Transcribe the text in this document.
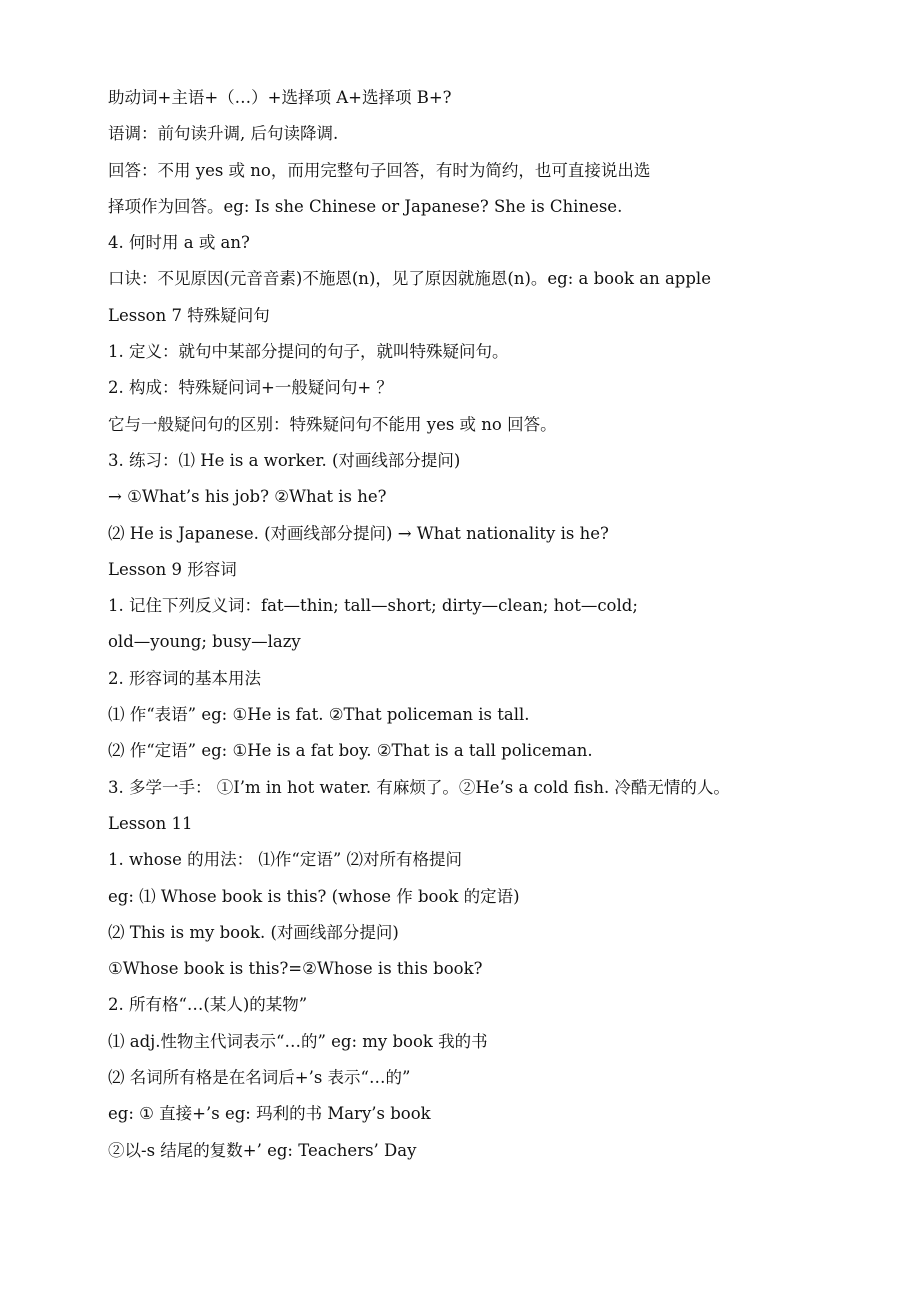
助动词+主语+（…）+选择项 A+选择项 B+?
语调：前句读升调, 后句读降调.
回答：不用 yes 或 no，而用完整句子回答，有时为简约，也可直接说出选
择项作为回答。eg: Is she Chinese or Japanese? She is Chinese.
4. 何时用 a 或 an?
口诀：不见原因(元音音素)不施恩(n)，见了原因就施恩(n)。eg: a book an apple
Lesson 7 特殊疑问句
1. 定义：就句中某部分提问的句子，就叫特殊疑问句。
2. 构成：特殊疑问词+一般疑问句+ ？
它与一般疑问句的区别：特殊疑问句不能用 yes 或 no 回答。
3. 练习：⑴ He is a worker. (对画线部分提问)
→ ①What’s his job? ②What is he?
⑵ He is Japanese. (对画线部分提问) → What nationality is he?
Lesson 9 形容词
1. 记住下列反义词：fat—thin; tall—short; dirty—clean; hot—cold;
old—young; busy—lazy
2. 形容词的基本用法
⑴ 作“表语” eg: ①He is fat. ②That policeman is tall.
⑵ 作“定语” eg: ①He is a fat boy. ②That is a tall policeman.
3. 多学一手： ①I’m in hot water. 有麻烦了。②He’s a cold fish. 冷酷无情的人。
Lesson 11
1. whose 的用法： ⑴作“定语” ⑵对所有格提问
eg: ⑴ Whose book is this? (whose 作 book 的定语)
⑵ This is my book. (对画线部分提问)
①Whose book is this?=②Whose is this book?
2. 所有格“…(某人)的某物”
⑴ adj.性物主代词表示“…的” eg: my book 我的书
⑵ 名词所有格是在名词后+’s 表示“…的”
eg: ① 直接+’s eg: 玛利的书 Mary’s book
②以-s 结尾的复数+’ eg: Teachers’ Day
